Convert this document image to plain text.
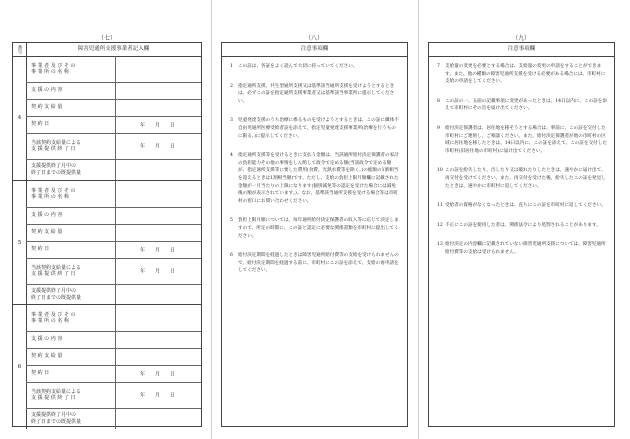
（七）	（八）	（九）
番号	障害児通所支援事業者記入欄
4
事 業 者 及 び そ の
事 業 所 の 名 称
支 援 の 内 容
契 約 支 給 量
契 約 日	年　　月　　日
当該契約支給量による
支 援 提 供 終 了 日	年　　月　　日
支援提供終了月中の
終了日までの既提供量
5
事 業 者 及 び そ の
事 業 所 の 名 称
支 援 の 内 容
契 約 支 給 量
契 約 日	年　　月　　日
当該契約支給量による
支 援 提 供 終 了 日	年　　月　　日
支援提供終了月中の
終了日までの既提供量
6
事 業 者 及 び そ の
事 業 所 の 名 称
支 援 の 内 容
契 約 支 給 量
契 約 日	年　　月　　日
当該契約支給量による
支 援 提 供 終 了 日	年　　月　　日
支援提供終了月中の
終了日までの既提供量
注意事項欄
1	この証は、各証をよく読んで大切に持っていてください。
2	指定通所支援、共生型通所支援又は基準該当通所支援を受けようとするときは、必ずこの証を指定通所支援事業者又は基準該当事業所に提示してください。
3	児童発達支援のうち治療に係るものを受けようとするときは、この証に隣体不自由児通所医療受給者証を添えて、指定児童発達支援事業所(治療を行うものに限る。)に提示してください。
4	指定通所支援等を受けるときに支払う金額は、当該通所給付決定保護者の家計の負担能力その他の事情をしん酌して政令で定める額(当該政令で定める額が、指定通所支援等に要した費用(食費、光熱水費等を除く。)の総額の1割相当を超えるときは1割相当額)です。ただし、支給の負担上限月額欄に記載された金額が一月当たりの上限になります(個別減免等の認定を受けた場合には減免後の額が表示されています。)。なお、基準該当通所支援を受ける場合等は市町村の窓口にお問い合わせください。
5	負担上限月額については、毎年通所給付決定保護者の収入等に応じて決定しますので、所定の時期に、この証と認定に必要な関係書類を市町村に提出してください。
6	給付決定期間を経過したときは障害児通所給付費等の支給を受けられませんので、給付決定期間を経過する前に、市町村にこの証を添えて、支給の再申請をしてください。
注意事項欄
7	支給量の変更を必要とする場合は、支給量の変更の申請をすることができます。また、他の種類の障害児通所支援を受ける必要がある場合には、市町村に支給の申請をしてください。
8	この証の一、五面の記載事項に変更があったときは、14日以内に、この証を添えて市町村にその旨を届け出てください。
9	給付決定保護者は、居住地を移そうとする場合は、事前に、この証を交付した市町村にご連絡し、ご相談ください。また、給付決定保護者が他の市町村の区域に居住地を移したときは、14日以内に、この証を添えて、この証を交付した市町村(旧居住地の市町村)に届け出てください。
10 この証を紛失したり、汚したり又は破れたりしたときは、速やかに届け出て、再交付を受けてください。また、再交付を受けた後、紛失したこの証を発見したときは、速やかに市町村に返してください。
11 受給者の資格がなくなったときは、直ちにこの証を市町村に返してください。
12 不正にこの証を使用した者は、関係法令により処罰されることがあります。
13 給付決定の内容欄に記載されていない障害児通所支援については、障害児通所給付費等の支給は受けられません。
